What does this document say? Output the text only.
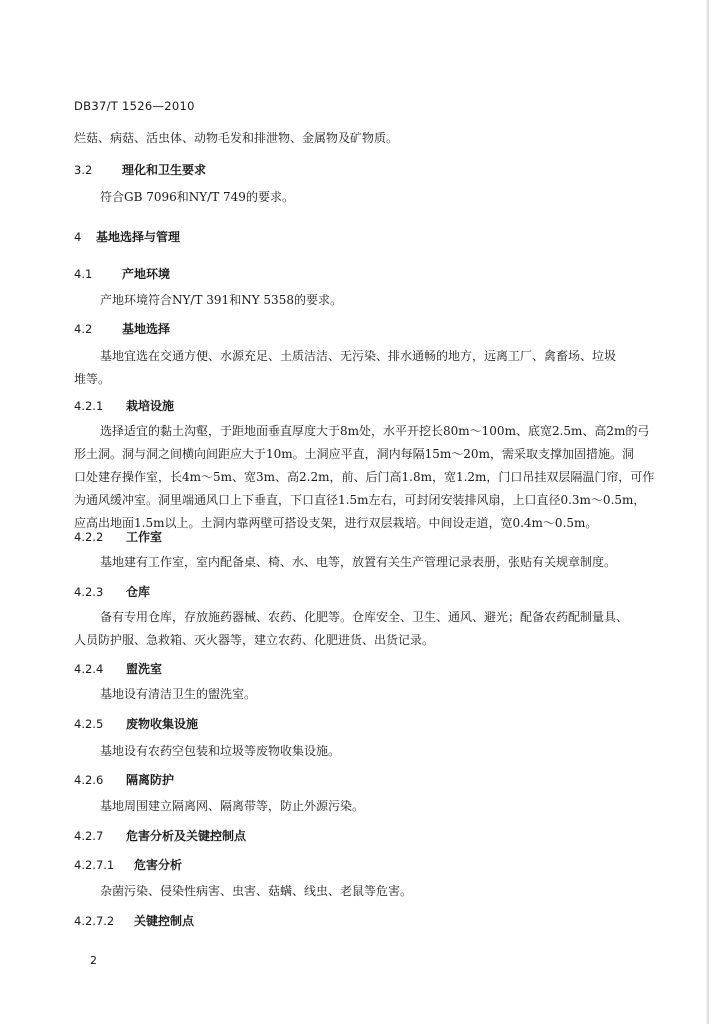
DB37/T 1526—2010
烂菇、病菇、活虫体、动物毛发和排泄物、金属物及矿物质。
3.2 理化和卫生要求
符合GB 7096和NY/T 749的要求。
4 基地选择与管理
4.1 产地环境
产地环境符合NY/T 391和NY 5358的要求。
4.2 基地选择
基地宜选在交通方便、水源充足、土质洁洁、无污染、排水通畅的地方，远离工厂、禽畜场、垃圾
堆等。
4.2.1 栽培设施
选择适宜的黏土沟壑，于距地面垂直厚度大于8m处，水平开挖长80m～100m、底宽2.5m、高2m的弓
形土洞。洞与洞之间横向间距应大于10m。土洞应平直，洞内每隔15m～20m，需采取支撑加固措施。洞
口处建存操作室，长4m～5m、宽3m、高2.2m，前、后门高1.8m，宽1.2m，门口吊挂双层隔温门帘，可作
为通风缓冲室。洞里端通风口上下垂直，下口直径1.5m左右，可封闭安装排风扇，上口直径0.3m～0.5m，
应高出地面1.5m以上。土洞内靠两壁可搭设支架，进行双层栽培。中间设走道，宽0.4m～0.5m。
4.2.2 工作室
基地建有工作室，室内配备桌、椅、水、电等，放置有关生产管理记录表册，张贴有关规章制度。
4.2.3 仓库
备有专用仓库，存放施药器械、农药、化肥等。仓库安全、卫生、通风、避光；配备农药配制量具、
人员防护服、急救箱、灭火器等，建立农药、化肥进货、出货记录。
4.2.4 盥洗室
基地设有清洁卫生的盥洗室。
4.2.5 废物收集设施
基地设有农药空包装和垃圾等废物收集设施。
4.2.6 隔离防护
基地周围建立隔离网、隔离带等，防止外源污染。
4.2.7 危害分析及关键控制点
4.2.7.1 危害分析
杂菌污染、侵染性病害、虫害、菇螨、线虫、老鼠等危害。
4.2.7.2 关键控制点
2
